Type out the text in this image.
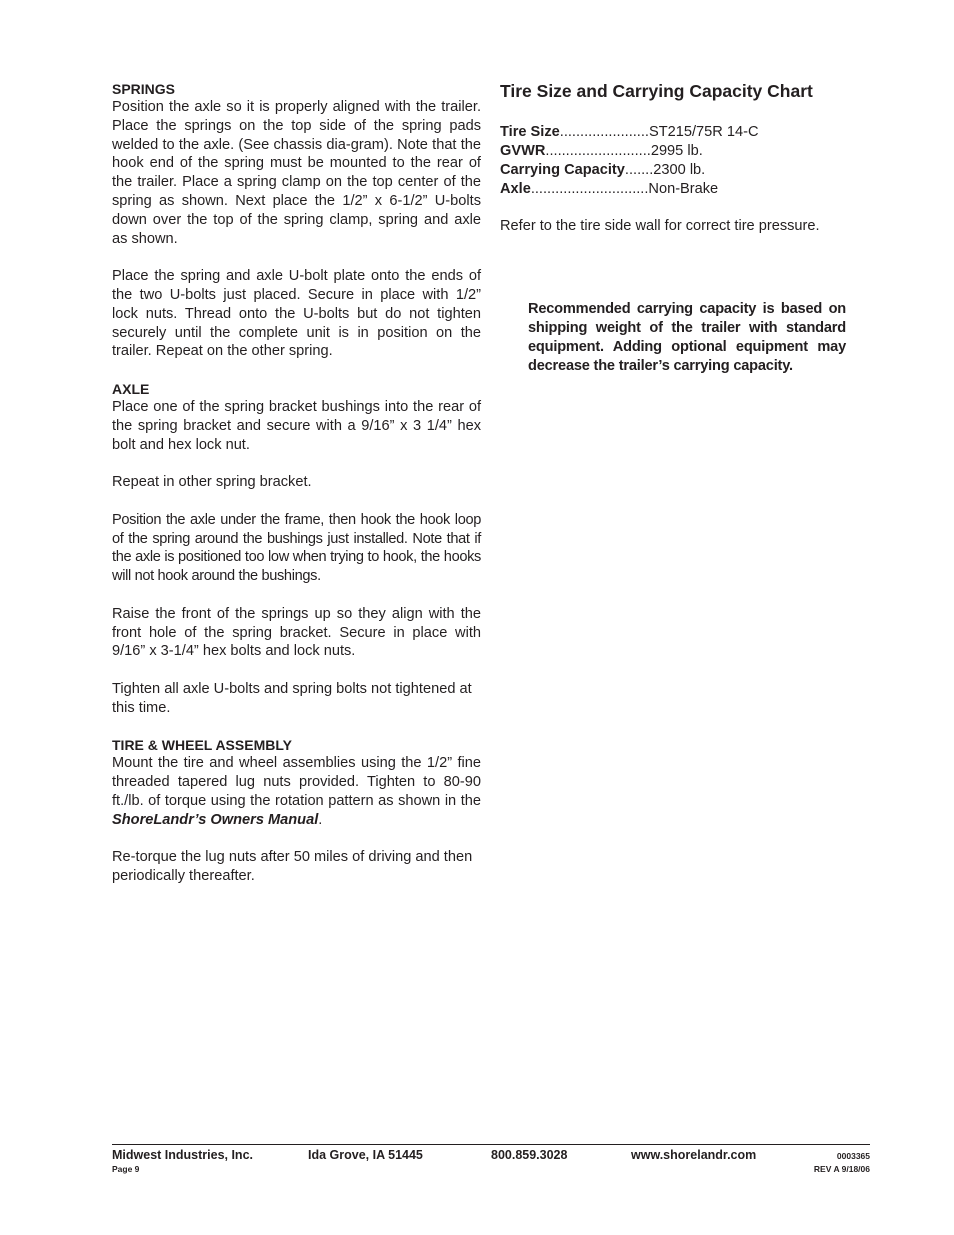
SPRINGS

Position the axle so it is properly aligned with the trailer. Place the springs on the top side of the spring pads welded to the axle. (See chassis dia-gram). Note that the hook end of the spring must be mounted to the rear of the trailer. Place a spring clamp on the top center of the spring as shown. Next place the 1/2” x 6-1/2” U-bolts down over the top of the spring clamp, spring and axle as shown.

Place the spring and axle U-bolt plate onto the ends of the two U-bolts just placed. Secure in place with 1/2” lock nuts. Thread onto the U-bolts but do not tighten securely until the complete unit is in position on the trailer. Repeat on the other spring.

AXLE

Place one of the spring bracket bushings into the rear of the spring bracket and secure with a 9/16” x 3 1/4” hex bolt and hex lock nut.

Repeat in other spring bracket.

Position the axle under the frame, then hook the hook loop of the spring around the bushings just installed. Note that if the axle is positioned too low when trying to hook, the hooks will not hook around the bushings.

Raise the front of the springs up so they align with the front hole of the spring bracket. Secure in place with 9/16” x 3-1/4” hex bolts and lock nuts.

Tighten all axle U-bolts and spring bolts not tightened at this time.

TIRE & WHEEL ASSEMBLY

Mount the tire and wheel assemblies using the 1/2” fine threaded tapered lug nuts provided. Tighten to 80-90 ft./lb. of torque using the rotation pattern as shown in the ShoreLandr’s Owners Manual.

Re-torque the lug nuts after 50 miles of driving and then periodically thereafter.

Tire Size and Carrying Capacity Chart
Tire Size ...................... ST215/75R 14-C
GVWR .......................... 2995 lb.
Carrying Capacity ....... 2300 lb.
Axle ............................. Non-Brake
Refer to the tire side wall for correct tire pressure.
Recommended carrying capacity is based on shipping weight of the trailer with standard equipment. Adding optional equipment may decrease the trailer’s carrying capacity.
Midwest Industries, Inc.	Ida Grove, IA 51445	800.859.3028	www.shorelandr.com
Page 9
0003365
REV A 9/18/06
